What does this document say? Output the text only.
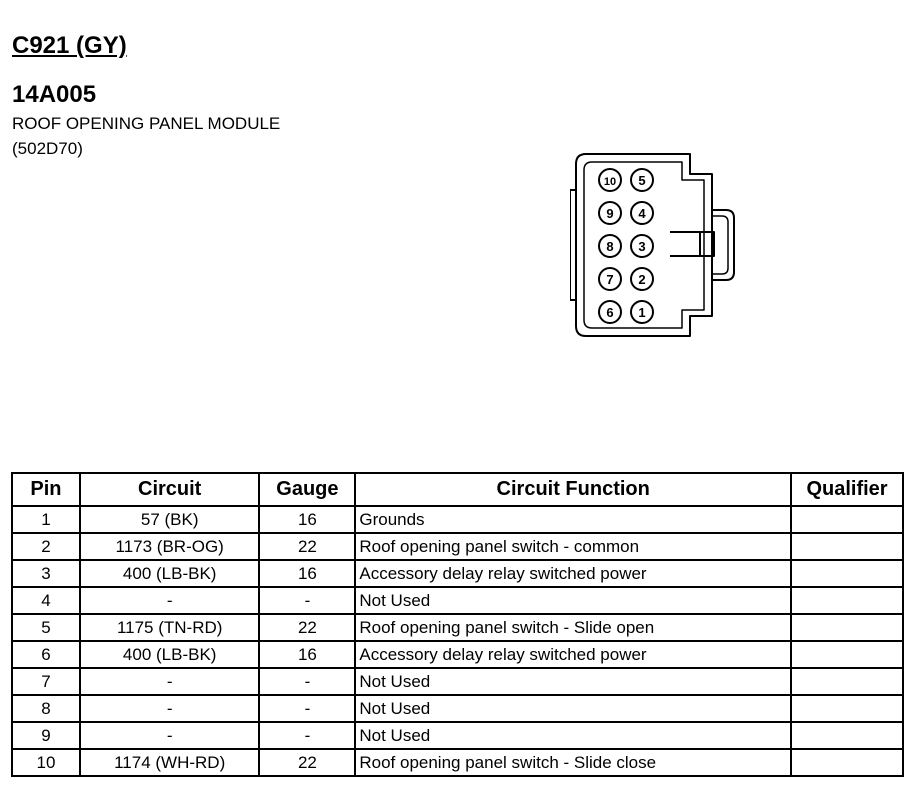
C921 (GY)
14A005
ROOF OPENING PANEL MODULE
(502D70)
10 5
9 4
8 3
7 2
6 1
Pin	Circuit	Gauge	Circuit Function	Qualifier
1	57 (BK)	16	Grounds	
2	1173 (BR-OG)	22	Roof opening panel switch - common	
3	400 (LB-BK)	16	Accessory delay relay switched power	
4	-	-	Not Used	
5	1175 (TN-RD)	22	Roof opening panel switch - Slide open	
6	400 (LB-BK)	16	Accessory delay relay switched power	
7	-	-	Not Used	
8	-	-	Not Used	
9	-	-	Not Used	
10	1174 (WH-RD)	22	Roof opening panel switch - Slide close	
